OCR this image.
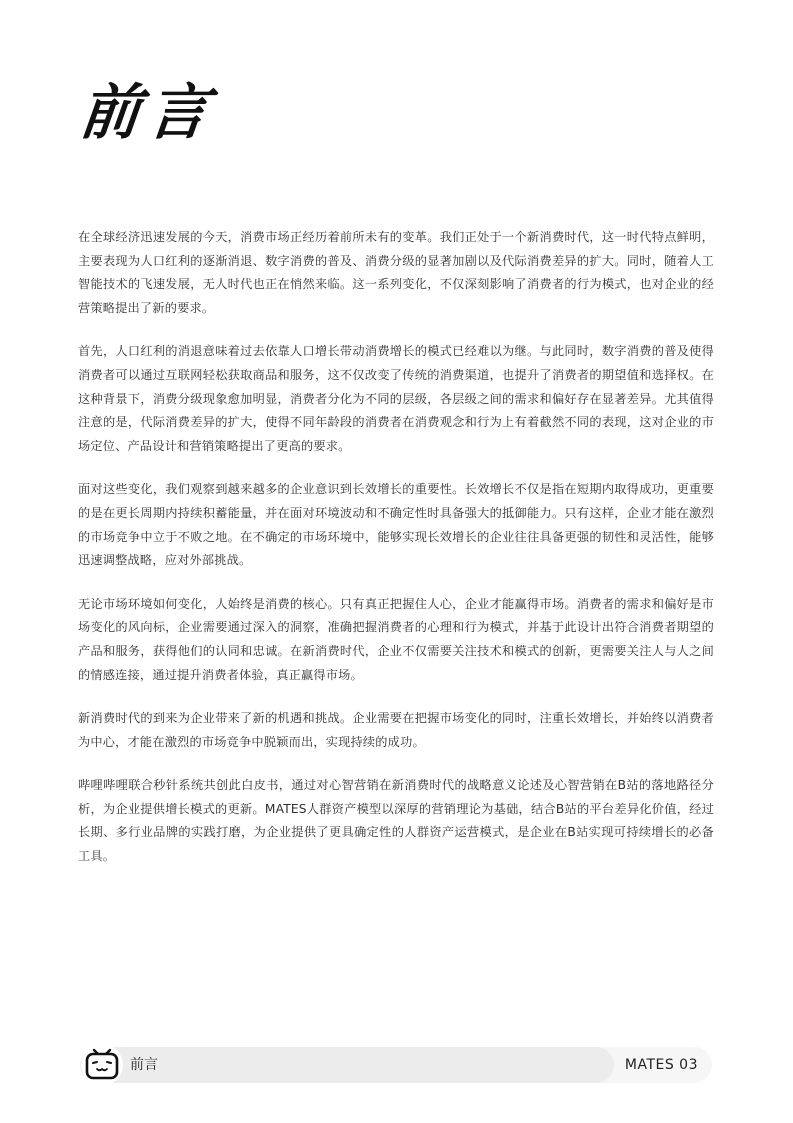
前言

在全球经济迅速发展的今天，消费市场正经历着前所未有的变革。我们正处于一个新消费时代，这一时代特点鲜明，主要表现为人口红利的逐渐消退、数字消费的普及、消费分级的显著加剧以及代际消费差异的扩大。同时，随着人工智能技术的飞速发展，无人时代也正在悄然来临。这一系列变化，不仅深刻影响了消费者的行为模式，也对企业的经营策略提出了新的要求。

首先，人口红利的消退意味着过去依靠人口增长带动消费增长的模式已经难以为继。与此同时，数字消费的普及使得消费者可以通过互联网轻松获取商品和服务，这不仅改变了传统的消费渠道，也提升了消费者的期望值和选择权。在这种背景下，消费分级现象愈加明显，消费者分化为不同的层级，各层级之间的需求和偏好存在显著差异。尤其值得注意的是，代际消费差异的扩大，使得不同年龄段的消费者在消费观念和行为上有着截然不同的表现，这对企业的市场定位、产品设计和营销策略提出了更高的要求。

面对这些变化，我们观察到越来越多的企业意识到长效增长的重要性。长效增长不仅是指在短期内取得成功，更重要的是在更长周期内持续积蓄能量，并在面对环境波动和不确定性时具备强大的抵御能力。只有这样，企业才能在激烈的市场竞争中立于不败之地。在不确定的市场环境中，能够实现长效增长的企业往往具备更强的韧性和灵活性，能够迅速调整战略，应对外部挑战。

无论市场环境如何变化，人始终是消费的核心。只有真正把握住人心，企业才能赢得市场。消费者的需求和偏好是市场变化的风向标，企业需要通过深入的洞察，准确把握消费者的心理和行为模式，并基于此设计出符合消费者期望的产品和服务，获得他们的认同和忠诚。在新消费时代，企业不仅需要关注技术和模式的创新，更需要关注人与人之间的情感连接，通过提升消费者体验，真正赢得市场。

新消费时代的到来为企业带来了新的机遇和挑战。企业需要在把握市场变化的同时，注重长效增长，并始终以消费者为中心，才能在激烈的市场竞争中脱颖而出，实现持续的成功。

哔哩哔哩联合秒针系统共创此白皮书，通过对心智营销在新消费时代的战略意义论述及心智营销在B站的落地路径分析，为企业提供增长模式的更新。MATES人群资产模型以深厚的营销理论为基础，结合B站的平台差异化价值，经过长期、多行业品牌的实践打磨，为企业提供了更具确定性的人群资产运营模式，是企业在B站实现可持续增长的必备工具。

前言	MATES 03
